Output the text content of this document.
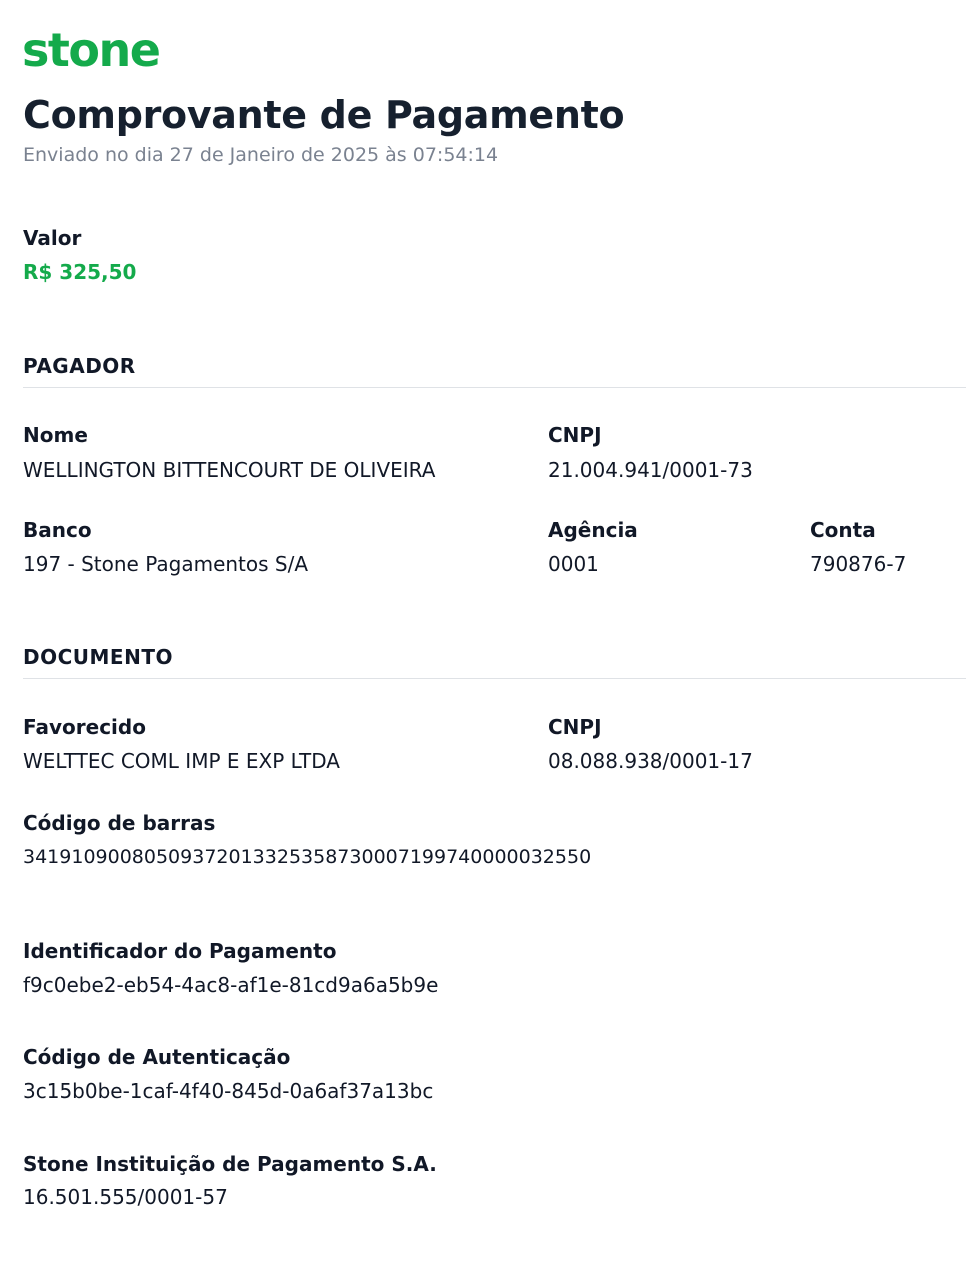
stone
Comprovante de Pagamento
Enviado no dia 27 de Janeiro de 2025 às 07:54:14
Valor
R$ 325,50
PAGADOR
Nome
WELLINGTON BITTENCOURT DE OLIVEIRA
CNPJ
21.004.941/0001-73
Banco
197 - Stone Pagamentos S/A
Agência
0001
Conta
790876-7
DOCUMENTO
Favorecido
WELTTEC COML IMP E EXP LTDA
CNPJ
08.088.938/0001-17
Código de barras
34191090080509372013325358730007199740000032550
Identificador do Pagamento
f9c0ebe2-eb54-4ac8-af1e-81cd9a6a5b9e
Código de Autenticação
3c15b0be-1caf-4f40-845d-0a6af37a13bc
Stone Instituição de Pagamento S.A.
16.501.555/0001-57
